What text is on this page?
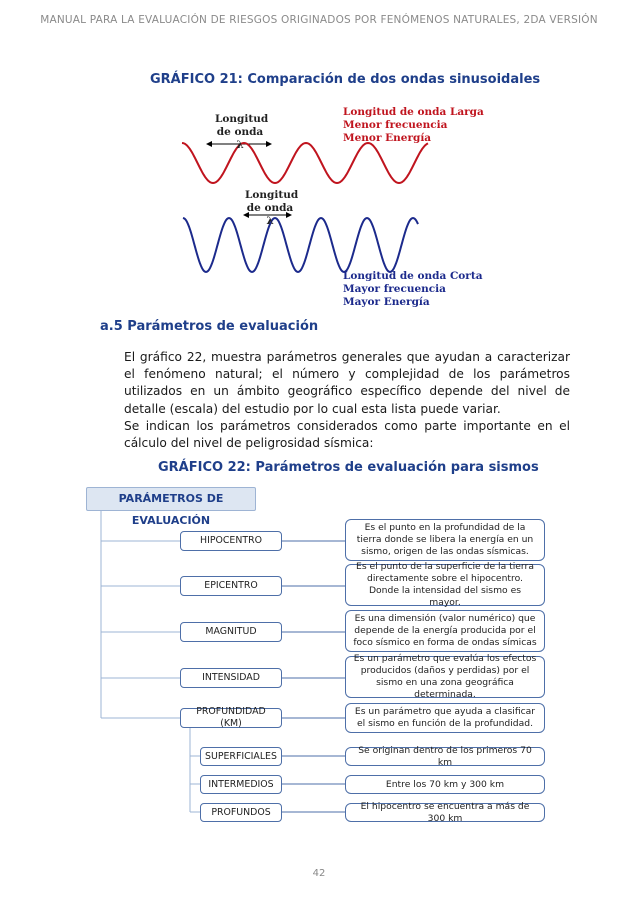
MANUAL PARA LA EVALUACIÓN DE RIESGOS ORIGINADOS POR FENÓMENOS NATURALES, 2DA VERSIÓN
GRÁFICO 21: Comparación de dos ondas sinusoidales
Longitud
de onda λ
Longitud
de onda λ
Longitud de onda Larga
Menor frecuencia
Menor Energía
Longitud de onda Corta
Mayor frecuencia
Mayor Energía
a.5 Parámetros de evaluación

El gráfico 22, muestra parámetros generales que ayudan a caracterizar el fenómeno natural; el número y complejidad de los parámetros utilizados en un ámbito geográfico específico depende del nivel de detalle (escala) del estudio por lo cual esta lista puede variar.

Se indican los parámetros considerados como parte importante en el cálculo del nivel de peligrosidad sísmica:

GRÁFICO 22: Parámetros de evaluación para sismos
PARÁMETROS DE EVALUACIÓN
HIPOCENTRO
Es el punto en la profundidad de la tierra donde se libera la energía en un sismo, origen de las ondas sísmicas.
EPICENTRO
Es el punto de la superficie de la tierra directamente sobre el hipocentro. Donde la intensidad del sismo es mayor.
MAGNITUD
Es una dimensión (valor numérico) que depende de la energía producida por el foco sísmico en forma de ondas símicas
INTENSIDAD
Es un parámetro que evalúa los efectos producidos (daños y perdidas) por el sismo en una zona geográfica determinada.
PROFUNDIDAD (KM)
Es un parámetro que ayuda a clasificar el sismo en función de la profundidad.
SUPERFICIALES
Se originan dentro de los primeros 70 km
INTERMEDIOS	Entre los 70 km y 300 km
PROFUNDOS
El hipocentro se encuentra a más de 300 km
42
